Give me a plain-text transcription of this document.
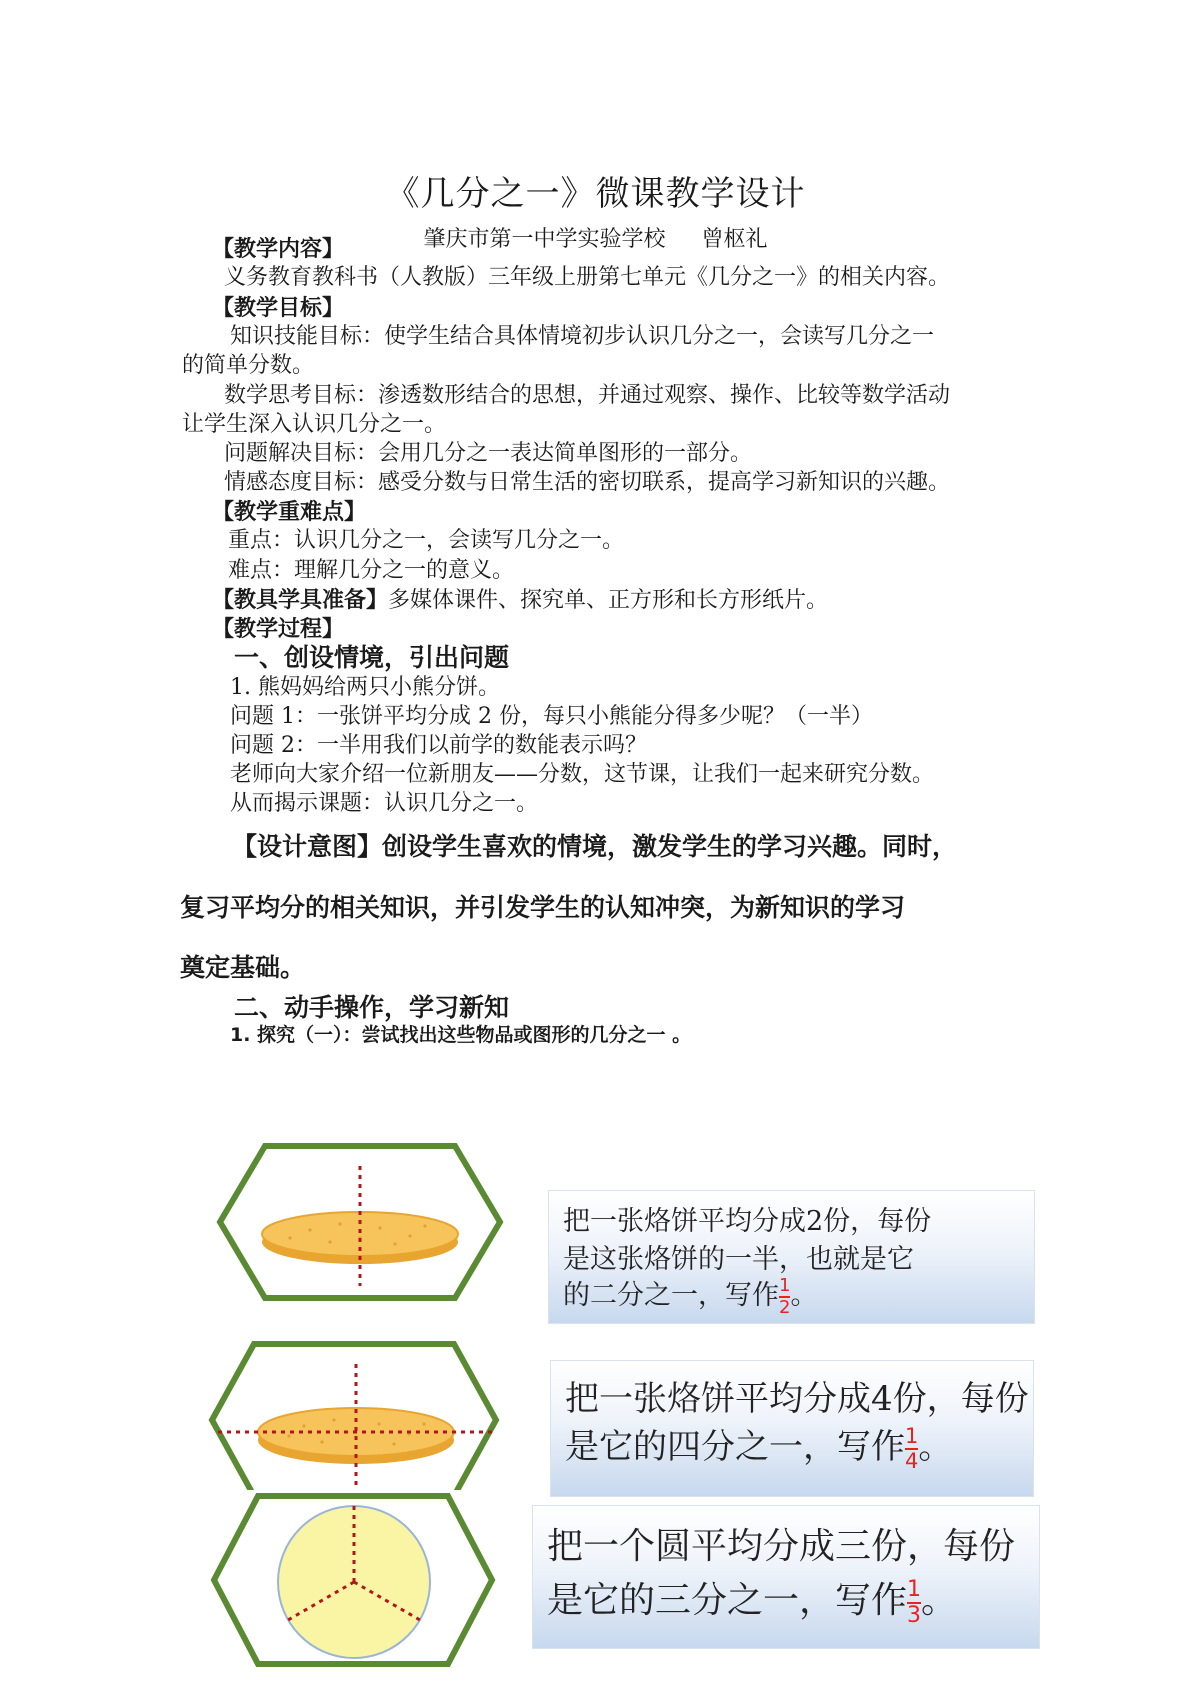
《几分之一》微课教学设计
肇庆市第一中学实验学校 曾枢礼
【教学内容】
义务教育教科书（人教版）三年级上册第七单元《几分之一》的相关内容。
【教学目标】
知识技能目标：使学生结合具体情境初步认识几分之一，会读写几分之一
的简单分数。
数学思考目标：渗透数形结合的思想，并通过观察、操作、比较等数学活动
让学生深入认识几分之一。
问题解决目标：会用几分之一表达简单图形的一部分。
情感态度目标：感受分数与日常生活的密切联系，提高学习新知识的兴趣。
【教学重难点】
重点：认识几分之一，会读写几分之一。
难点：理解几分之一的意义。
【教具学具准备】多媒体课件、探究单、正方形和长方形纸片。
【教学过程】
一、创设情境，引出问题
1. 熊妈妈给两只小熊分饼。
问题 1：一张饼平均分成 2 份，每只小熊能分得多少呢？（一半）
问题 2：一半用我们以前学的数能表示吗？
老师向大家介绍一位新朋友——分数，这节课，让我们一起来研究分数。
从而揭示课题：认识几分之一。
【设计意图】创设学生喜欢的情境，激发学生的学习兴趣。同时，
复习平均分的相关知识，并引发学生的认知冲突，为新知识的学习
奠定基础。
二、动手操作，学习新知
1. 探究（一）：尝试找出这些物品或图形的几分之一 。
把一张烙饼平均分成2份，每份
是这张烙饼的一半，也就是它
的二分之一，写作 $\frac{1}{2}$ 。
把一张烙饼平均分成4份，每份
是它的四分之一，写作 $\frac{1}{4}$ 。
把一个圆平均分成三份，每份
是它的三分之一，写作 $\frac{1}{3}$ 。
